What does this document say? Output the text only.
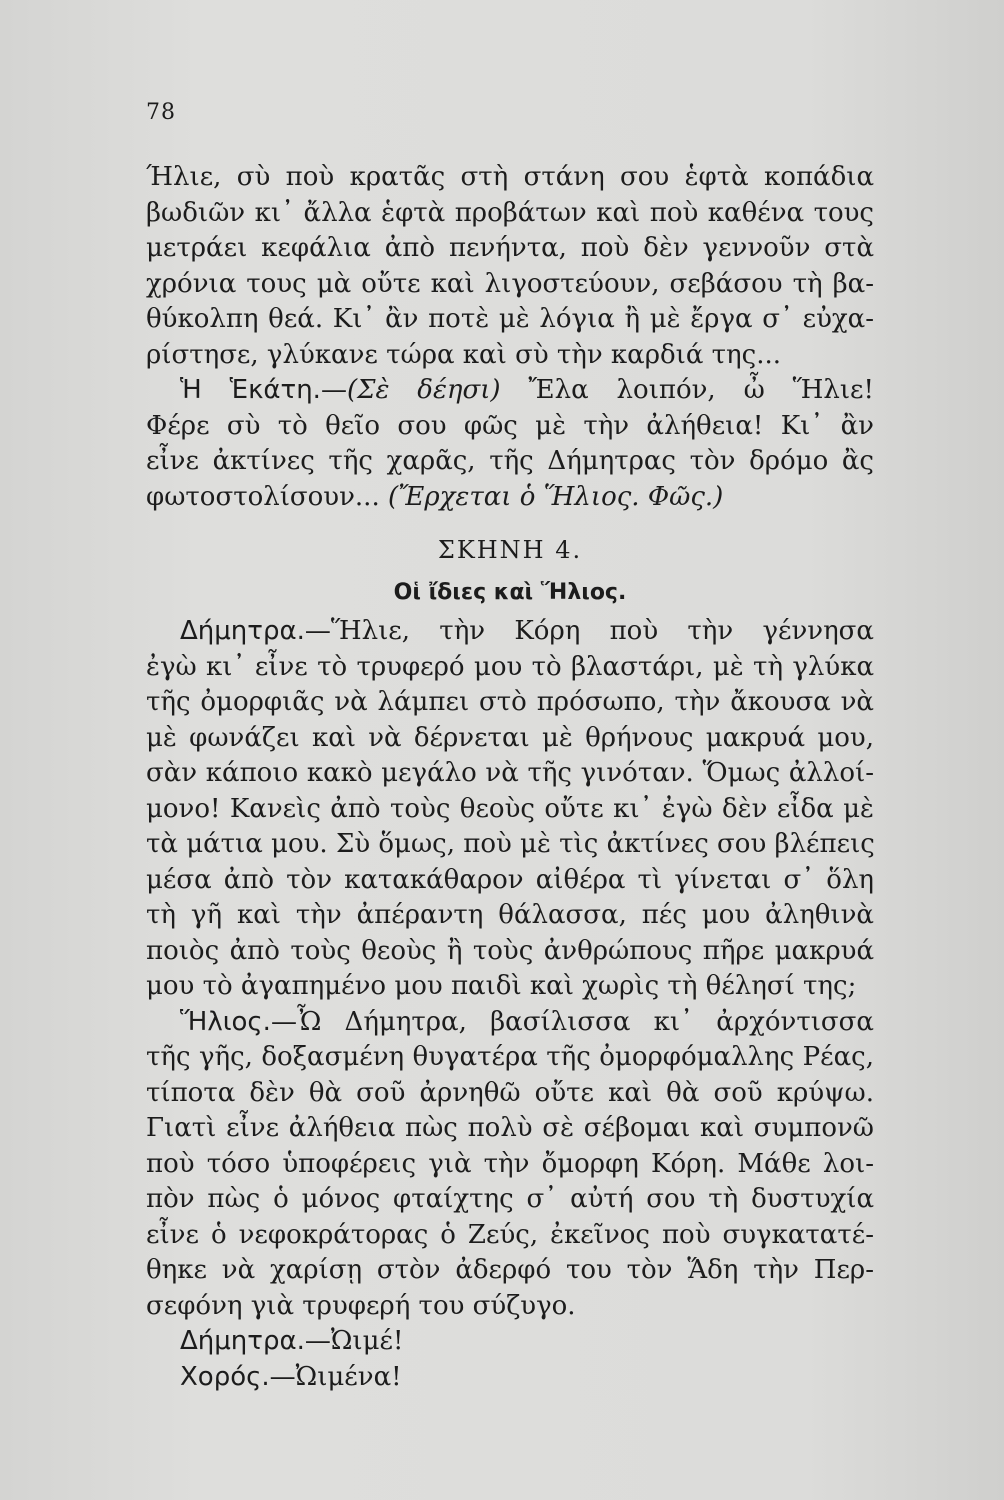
78
Ήλιε, σὺ ποὺ κρατᾶς στὴ στάνη σου ἑφτὰ κοπάδια
βωδιῶν κι᾽ ἄλλα ἑφτὰ προβάτων καὶ ποὺ καθένα τους
μετράει κεφάλια ἀπὸ πενήντα, ποὺ δὲν γεννοῦν στὰ
χρόνια τους μὰ οὔτε καὶ λιγοστεύουν, σεβάσου τὴ βα-
θύκολπη θεά. Κι᾽ ἂν ποτὲ μὲ λόγια ἢ μὲ ἔργα σ᾽ εὐχα-
ρίστησε, γλύκανε τώρα καὶ σὺ τὴν καρδιά της...
Ἡ Ἑκάτη.—(Σὲ δέησι) Ἔλα λοιπόν, ὦ Ἥλιε!
Φέρε σὺ τὸ θεῖο σου φῶς μὲ τὴν ἀλήθεια! Κι᾽ ἂν
εἶνε ἀκτίνες τῆς χαρᾶς, τῆς Δήμητρας τὸν δρόμο ἂς
φωτοστολίσουν... (Ἔρχεται ὁ Ἥλιος. Φῶς.)
ΣΚΗΝΗ 4.
Οἱ ἴδιες καὶ Ἥλιος.
Δήμητρα.—Ἥλιε, τὴν Κόρη ποὺ τὴν γέννησα
ἐγὼ κι᾽ εἶνε τὸ τρυφερό μου τὸ βλαστάρι, μὲ τὴ γλύκα
τῆς ὀμορφιᾶς νὰ λάμπει στὸ πρόσωπο, τὴν ἄκουσα νὰ
μὲ φωνάζει καὶ νὰ δέρνεται μὲ θρήνους μακρυά μου,
σὰν κάποιο κακὸ μεγάλο νὰ τῆς γινόταν. Ὅμως ἀλλοί-
μονο! Κανεὶς ἀπὸ τοὺς θεοὺς οὔτε κι᾽ ἐγὼ δὲν εἶδα μὲ
τὰ μάτια μου. Σὺ ὅμως, ποὺ μὲ τὶς ἀκτίνες σου βλέπεις
μέσα ἀπὸ τὸν κατακάθαρον αἰθέρα τὶ γίνεται σ᾽ ὅλη
τὴ γῆ καὶ τὴν ἀπέραντη θάλασσα, πές μου ἀληθινὰ
ποιὸς ἀπὸ τοὺς θεοὺς ἢ τοὺς ἀνθρώπους πῆρε μακρυά
μου τὸ ἀγαπημένο μου παιδὶ καὶ χωρὶς τὴ θέλησί της;
Ἥλιος.—Ὦ Δήμητρα, βασίλισσα κι᾽ ἀρχόντισσα
τῆς γῆς, δοξασμένη θυγατέρα τῆς ὀμορφόμαλλης Ρέας,
τίποτα δὲν θὰ σοῦ ἀρνηθῶ οὔτε καὶ θὰ σοῦ κρύψω.
Γιατὶ εἶνε ἀλήθεια πὼς πολὺ σὲ σέβομαι καὶ συμπονῶ
ποὺ τόσο ὑποφέρεις γιὰ τὴν ὄμορφη Κόρη. Μάθε λοι-
πὸν πὼς ὁ μόνος φταίχτης σ᾽ αὐτή σου τὴ δυστυχία
εἶνε ὁ νεφοκράτορας ὁ Ζεύς, ἐκεῖνος ποὺ συγκατατέ-
θηκε νὰ χαρίσῃ στὸν ἀδερφό του τὸν Ἅδη τὴν Περ-
σεφόνη γιὰ τρυφερή του σύζυγο.
Δήμητρα.—Ὠιμέ!
Χορός.—Ὠιμένα!
